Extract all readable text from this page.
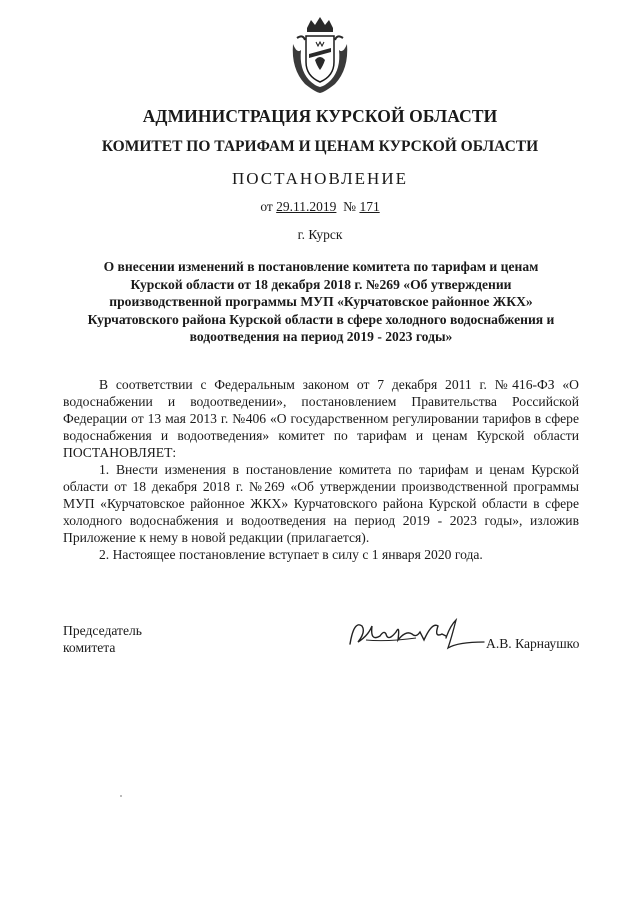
АДМИНИСТРАЦИЯ КУРСКОЙ ОБЛАСТИ
КОМИТЕТ ПО ТАРИФАМ И ЦЕНАМ КУРСКОЙ ОБЛАСТИ
ПОСТАНОВЛЕНИЕ
от 29.11.2019 № 171
г. Курск
О внесении изменений в постановление комитета по тарифам и ценам
Курской области от 18 декабря 2018 г. №269 «Об утверждении
производственной программы МУП «Курчатовское районное ЖКХ»
Курчатовского района Курской области в сфере холодного водоснабжения и
водоотведения на период 2019 - 2023 годы»

В соответствии с Федеральным законом от 7 декабря 2011 г. №416-ФЗ «О водоснабжении и водоотведении», постановлением Правительства Российской Федерации от 13 мая 2013 г. №406 «О государственном регулировании тарифов в сфере водоснабжения и водоотведения» комитет по тарифам и ценам Курской области ПОСТАНОВЛЯЕТ:

1. Внести изменения в постановление комитета по тарифам и ценам Курской области от 18 декабря 2018 г. №269 «Об утверждении производственной программы МУП «Курчатовское районное ЖКХ» Курчатовского района Курской области в сфере холодного водоснабжения и водоотведения на период 2019 - 2023 годы», изложив Приложение к нему в новой редакции (прилагается).

2. Настоящее постановление вступает в силу с 1 января 2020 года.

Председатель
комитета	А.В. Карнаушко
